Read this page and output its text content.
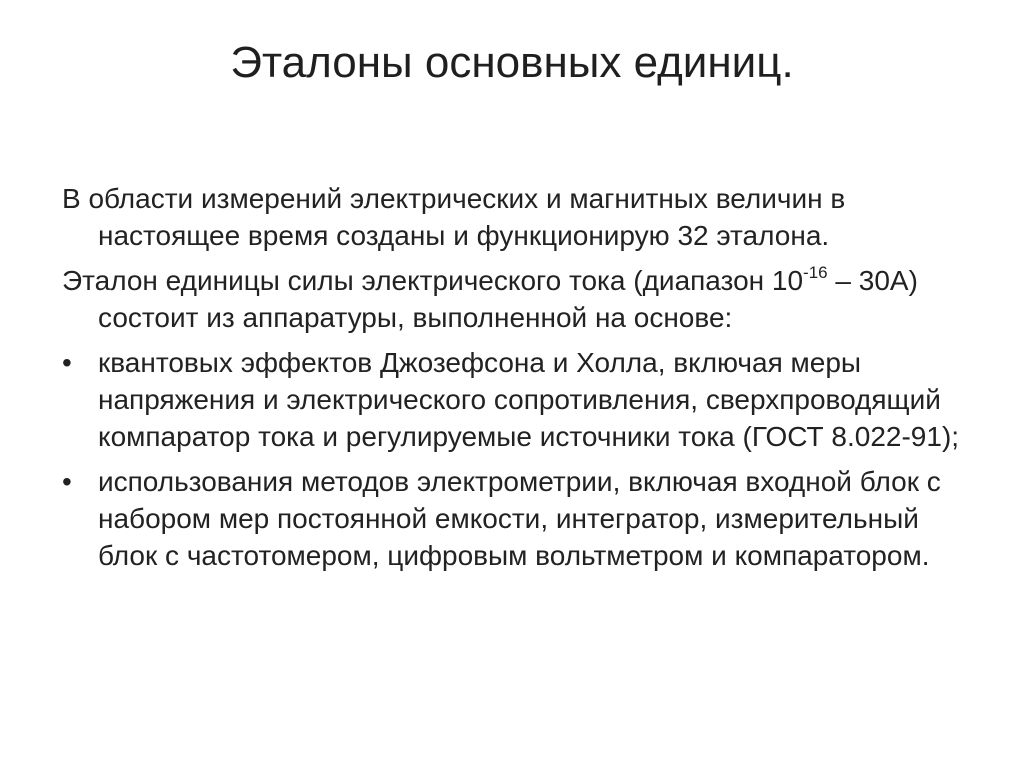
Эталоны основных единиц.

В области измерений электрических и магнитных величин в настоящее время созданы и функционирую 32 эталона.

Эталон единицы силы электрического тока (диапазон $10^{-16} - 30А$) состоит из аппаратуры, выполненной на основе:

• квантовых эффектов Джозефсона и Холла, включая меры напряжения и электрического сопротивления, сверхпроводящий компаратор тока и регулируемые источники тока (ГОСТ 8.022-91);
• использования методов электрометрии, включая входной блок с набором мер постоянной емкости, интегратор, измерительный блок с частотомером, цифровым вольтметром и компаратором.
